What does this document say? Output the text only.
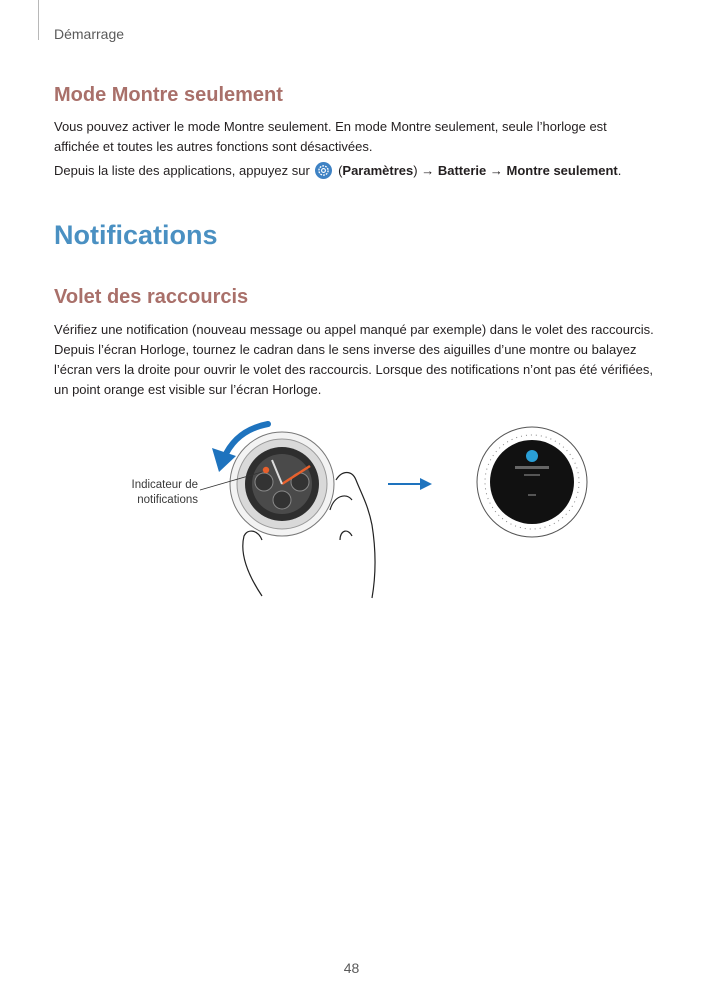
Démarrage
Mode Montre seulement
Vous pouvez activer le mode Montre seulement. En mode Montre seulement, seule l’horloge est affichée et toutes les autres fonctions sont désactivées.
Depuis la liste des applications, appuyez sur (Paramètres) → Batterie → Montre seulement.
Notifications
Volet des raccourcis
Vérifiez une notification (nouveau message ou appel manqué par exemple) dans le volet des raccourcis. Depuis l’écran Horloge, tournez le cadran dans le sens inverse des aiguilles d’une montre ou balayez l’écran vers la droite pour ouvrir le volet des raccourcis. Lorsque des notifications n’ont pas été vérifiées, un point orange est visible sur l’écran Horloge.
Indicateur de
notifications
48
